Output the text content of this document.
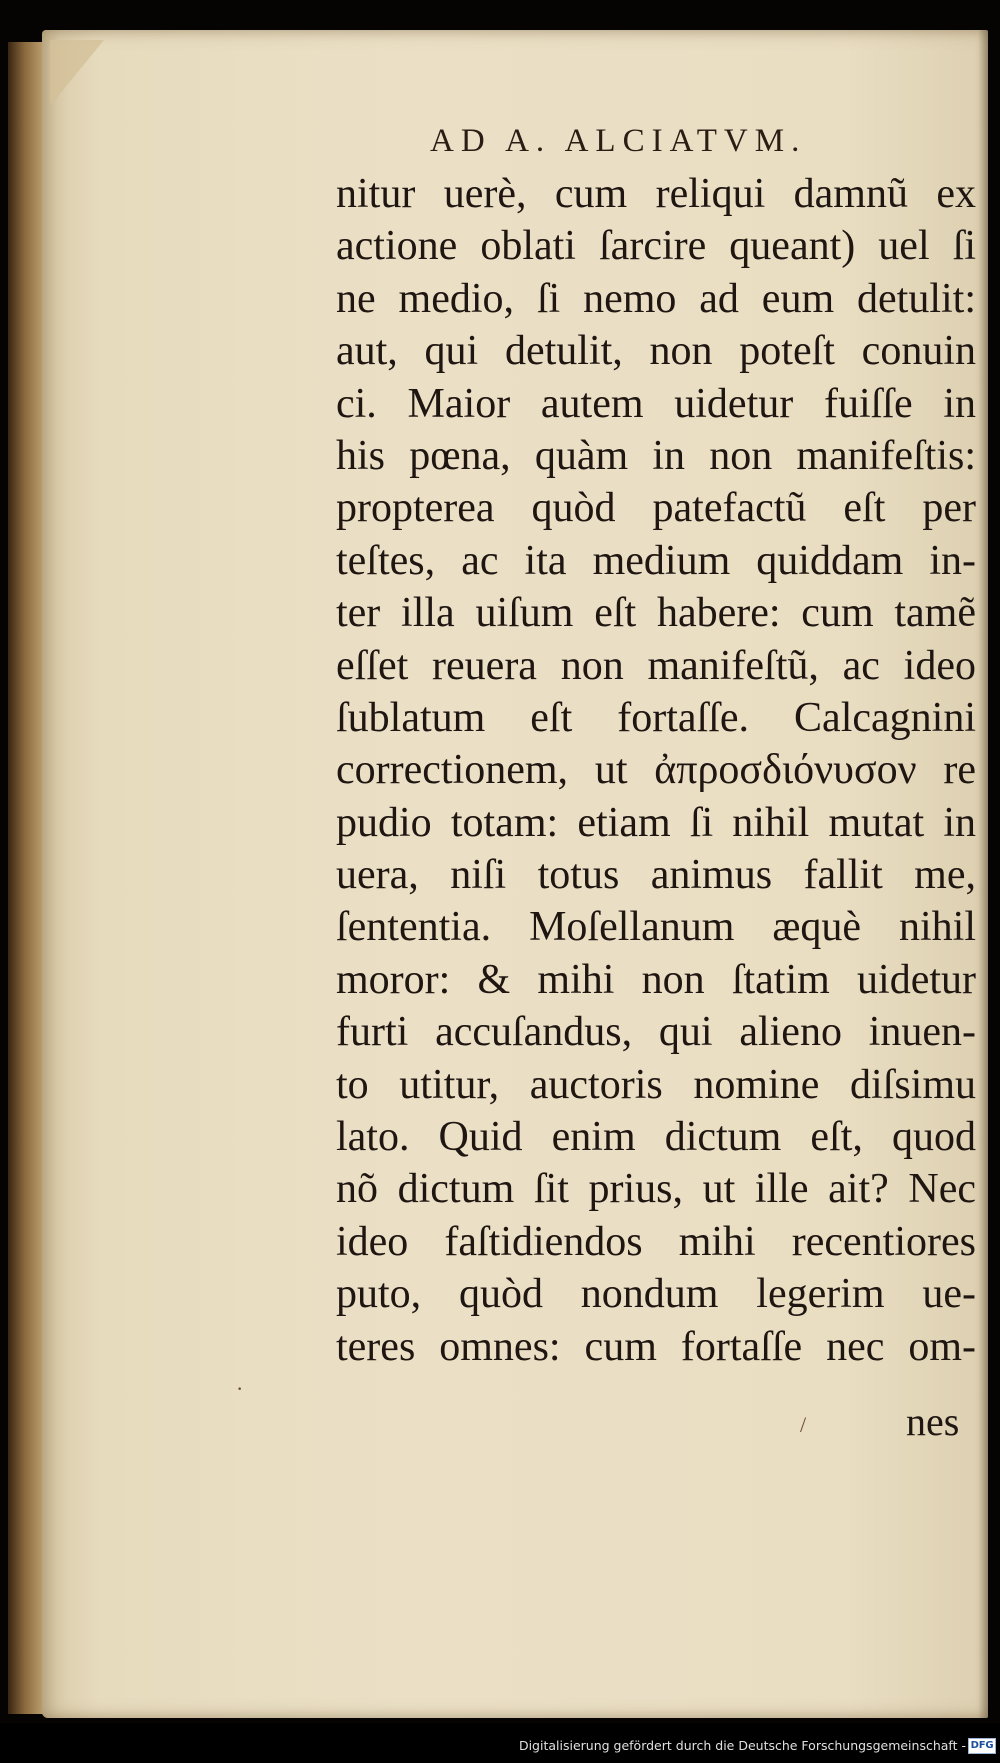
AD A. ALCIATVM.
nitur uerè, cum reliqui damnũ ex
actione oblati ſarcire queant) uel ſi
ne medio, ſi nemo ad eum detulit:
aut, qui detulit, non poteſt conuin
ci. Maior autem uidetur fuiſſe in
his pœna, quàm in non manifeſtis:
propterea quòd patefactũ eſt per
teſtes, ac ita medium quiddam in-
ter illa uiſum eſt habere: cum tamẽ
eſſet reuera non manifeſtũ, ac ideo
ſublatum eſt fortaſſe. Calcagnini
correctionem, ut ἀπροσδιόνυσον re
pudio totam: etiam ſi nihil mutat in
uera, niſi totus animus fallit me,
ſententia. Moſellanum æquè nihil
moror: & mihi non ſtatim uidetur
furti accuſandus, qui alieno inuen-
to utitur, auctoris nomine diſsimu
lato. Quid enim dictum eſt, quod
nõ dictum ſit prius, ut ille ait? Nec
ideo faſtidiendos mihi recentiores
puto, quòd nondum legerim ue-
teres omnes: cum fortaſſe nec om-
nes
·
/
Digitalisierung gefördert durch die Deutsche Forschungsgemeinschaft - DFG
